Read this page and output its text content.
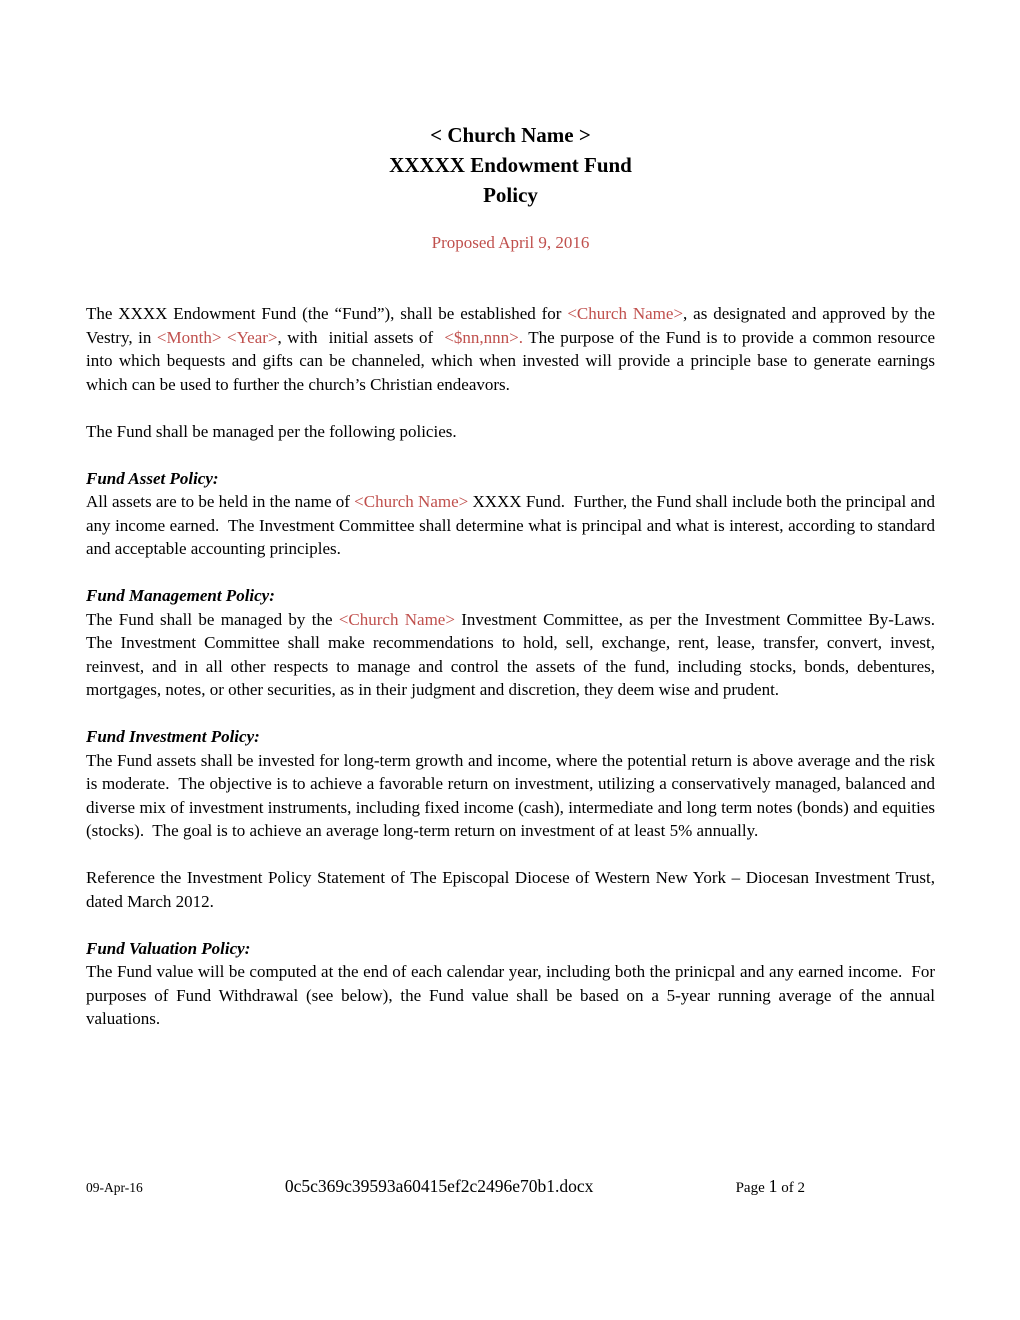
< Church Name >
XXXXX Endowment Fund
Policy
Proposed April 9, 2016

The XXXX Endowment Fund (the “Fund”), shall be established for <Church Name>, as designated and approved by the Vestry, in <Month> <Year>, with  initial assets of  <$nn,nnn>. The purpose of the Fund is to provide a common resource into which bequests and gifts can be channeled, which when invested will provide a principle base to generate earnings which can be used to further the church’s Christian endeavors.

The Fund shall be managed per the following policies.

Fund Asset Policy:

All assets are to be held in the name of <Church Name> XXXX Fund.  Further, the Fund shall include both the principal and any income earned.  The Investment Committee shall determine what is principal and what is interest, according to standard and acceptable accounting principles.

Fund Management Policy:

The Fund shall be managed by the <Church Name> Investment Committee, as per the Investment Committee By-Laws.  The Investment Committee shall make recommendations to hold, sell, exchange, rent, lease, transfer, convert, invest, reinvest, and in all other respects to manage and control the assets of the fund, including stocks, bonds, debentures, mortgages, notes, or other securities, as in their judgment and discretion, they deem wise and prudent.

Fund Investment Policy:

The Fund assets shall be invested for long-term growth and income, where the potential return is above average and the risk is moderate.  The objective is to achieve a favorable return on investment, utilizing a conservatively managed, balanced and diverse mix of investment instruments, including fixed income (cash), intermediate and long term notes (bonds) and equities (stocks).  The goal is to achieve an average long-term return on investment of at least 5% annually.

Reference the Investment Policy Statement of The Episcopal Diocese of Western New York – Diocesan Investment Trust, dated March 2012.

Fund Valuation Policy:

The Fund value will be computed at the end of each calendar year, including both the prinicpal and any earned income.  For purposes of Fund Withdrawal (see below), the Fund value shall be based on a 5-year running average of the annual valuations.

09-Apr-16	0c5c369c39593a60415ef2c2496e70b1.docx	Page 1 of 2
